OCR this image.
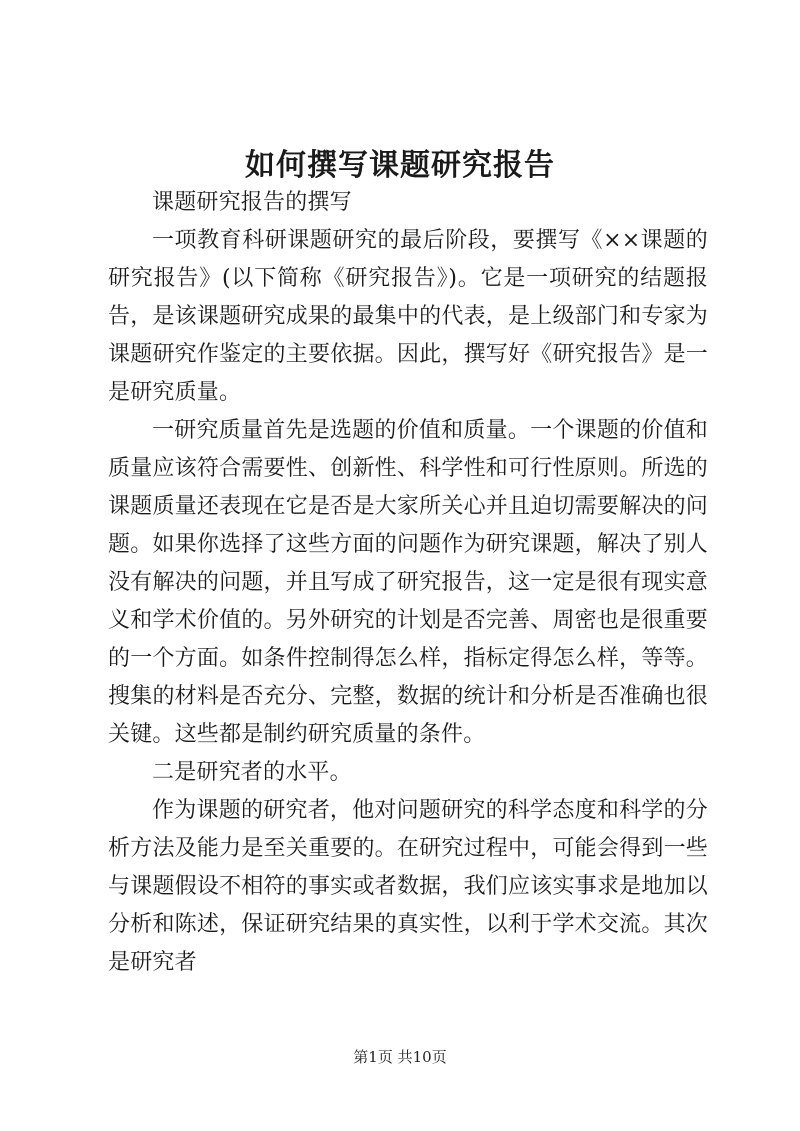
如何撰写课题研究报告

课题研究报告的撰写

一项教育科研课题研究的最后阶段，要撰写《××课题的研究报告》(以下简称《研究报告》)。它是一项研究的结题报告，是该课题研究成果的最集中的代表，是上级部门和专家为课题研究作鉴定的主要依据。因此，撰写好《研究报告》是一是研究质量。

一研究质量首先是选题的价值和质量。一个课题的价值和质量应该符合需要性、创新性、科学性和可行性原则。所选的课题质量还表现在它是否是大家所关心并且迫切需要解决的问题。如果你选择了这些方面的问题作为研究课题，解决了别人没有解决的问题，并且写成了研究报告，这一定是很有现实意义和学术价值的。另外研究的计划是否完善、周密也是很重要的一个方面。如条件控制得怎么样，指标定得怎么样，等等。搜集的材料是否充分、完整，数据的统计和分析是否准确也很关键。这些都是制约研究质量的条件。

二是研究者的水平。

作为课题的研究者，他对问题研究的科学态度和科学的分析方法及能力是至关重要的。在研究过程中，可能会得到一些与课题假设不相符的事实或者数据，我们应该实事求是地加以分析和陈述，保证研究结果的真实性，以利于学术交流。其次是研究者

第1页 共10页
